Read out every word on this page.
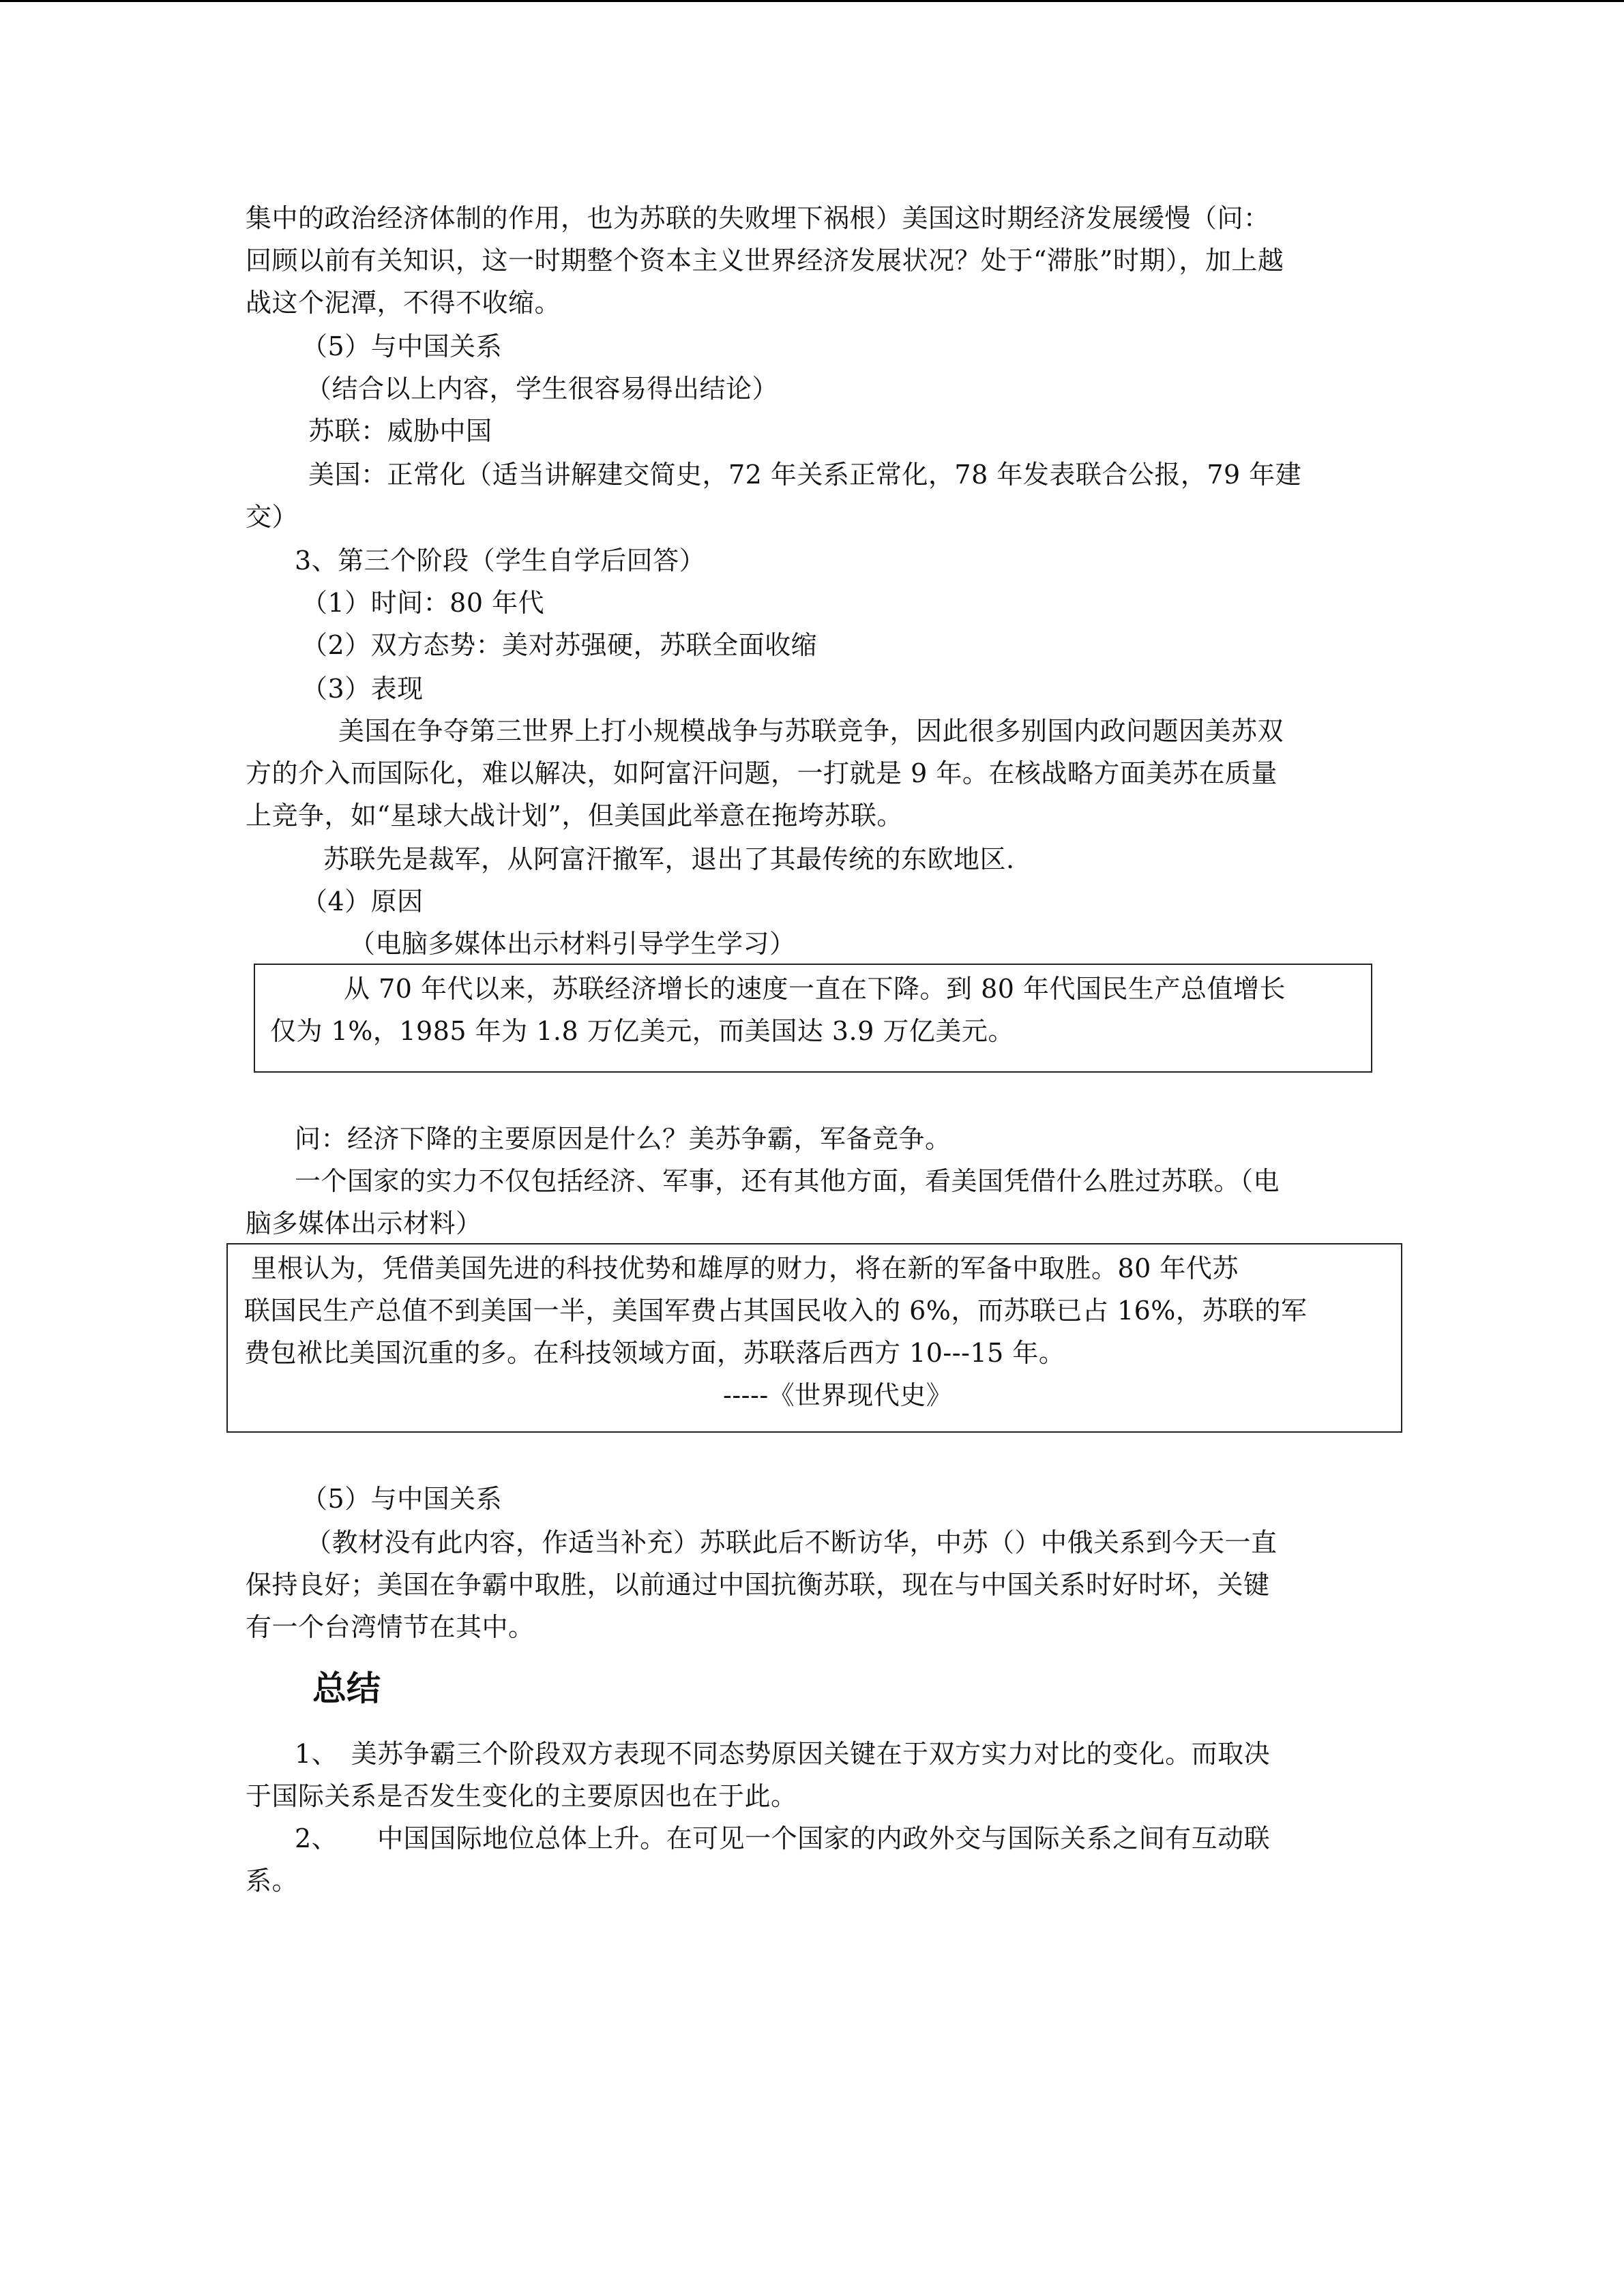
集中的政治经济体制的作用，也为苏联的失败埋下祸根）美国这时期经济发展缓慢（问：
回顾以前有关知识，这一时期整个资本主义世界经济发展状况？处于“滞胀”时期），加上越
战这个泥潭，不得不收缩。
（5）与中国关系
（结合以上内容，学生很容易得出结论）
苏联：威胁中国
美国：正常化（适当讲解建交简史，72 年关系正常化，78 年发表联合公报，79 年建
交）
3、第三个阶段（学生自学后回答）
（1）时间：80 年代
（2）双方态势：美对苏强硬，苏联全面收缩
（3）表现
美国在争夺第三世界上打小规模战争与苏联竞争，因此很多别国内政问题因美苏双
方的介入而国际化，难以解决，如阿富汗问题，一打就是 9 年。在核战略方面美苏在质量
上竞争，如“星球大战计划”，但美国此举意在拖垮苏联。
苏联先是裁军，从阿富汗撤军，退出了其最传统的东欧地区.
（4）原因
（电脑多媒体出示材料引导学生学习）
从 70 年代以来，苏联经济增长的速度一直在下降。到 80 年代国民生产总值增长
仅为 1%，1985 年为 1.8 万亿美元，而美国达 3.9 万亿美元。
问：经济下降的主要原因是什么？美苏争霸，军备竞争。
一个国家的实力不仅包括经济、军事，还有其他方面，看美国凭借什么胜过苏联。（电
脑多媒体出示材料）
里根认为，凭借美国先进的科技优势和雄厚的财力，将在新的军备中取胜。80 年代苏
联国民生产总值不到美国一半，美国军费占其国民收入的 6%，而苏联已占 16%，苏联的军
费包袱比美国沉重的多。在科技领域方面，苏联落后西方 10---15 年。
-----《世界现代史》
（5）与中国关系
（教材没有此内容，作适当补充）苏联此后不断访华，中苏（）中俄关系到今天一直
保持良好；美国在争霸中取胜，以前通过中国抗衡苏联，现在与中国关系时好时坏，关键
有一个台湾情节在其中。
总结
1、　美苏争霸三个阶段双方表现不同态势原因关键在于双方实力对比的变化。而取决
于国际关系是否发生变化的主要原因也在于此。
2、　　中国国际地位总体上升。在可见一个国家的内政外交与国际关系之间有互动联
系。
